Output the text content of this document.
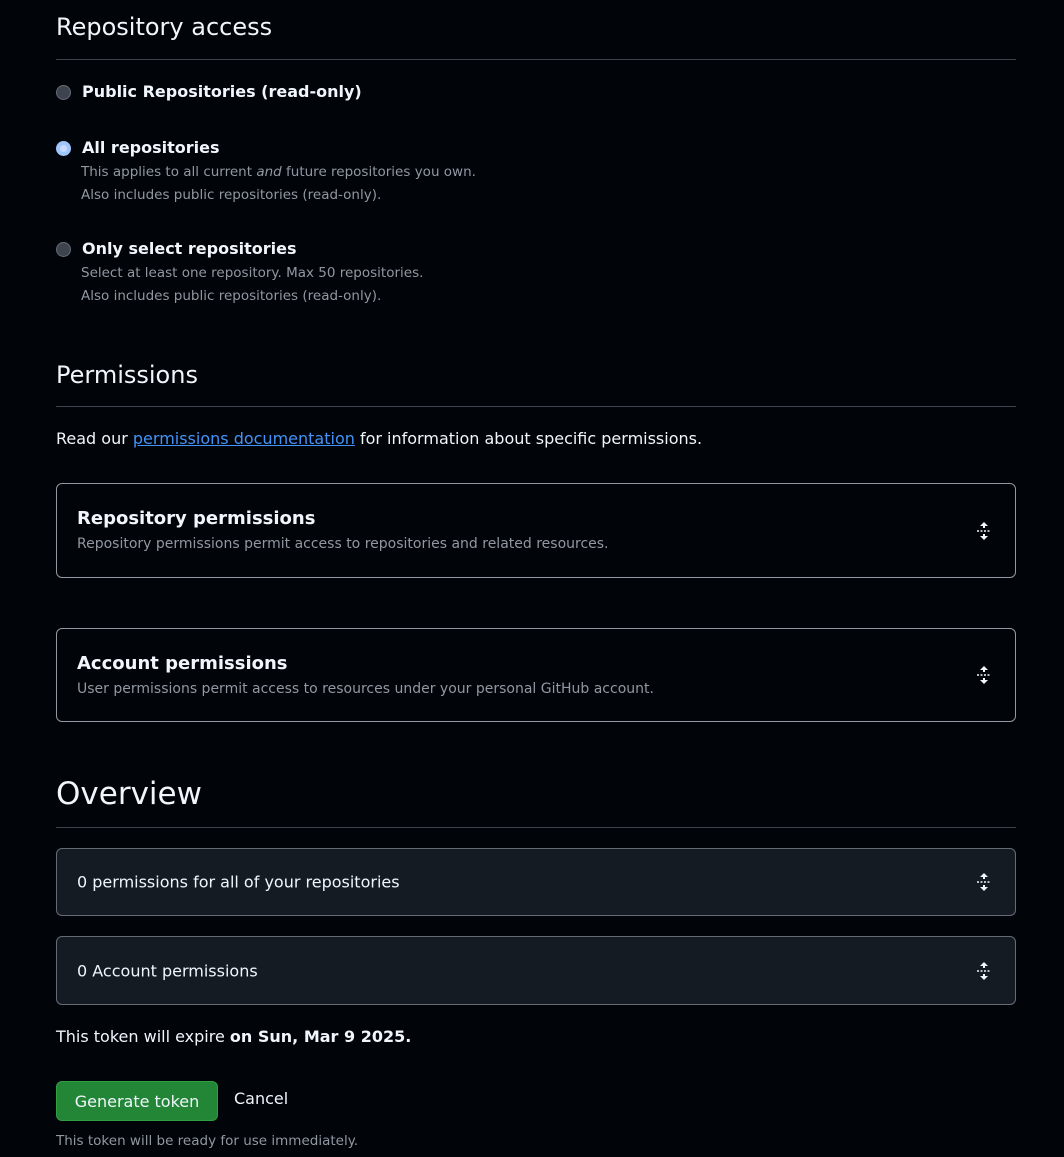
Repository access
Public Repositories (read-only)
All repositories
This applies to all current and future repositories you own.
Also includes public repositories (read-only).
Only select repositories
Select at least one repository. Max 50 repositories.
Also includes public repositories (read-only).
Permissions
Read our permissions documentation for information about specific permissions.
Repository permissions
Repository permissions permit access to repositories and related resources.
Account permissions
User permissions permit access to resources under your personal GitHub account.
Overview
0 permissions for all of your repositories
0 Account permissions
This token will expire on Sun, Mar 9 2025.
Generate token	Cancel
This token will be ready for use immediately.
